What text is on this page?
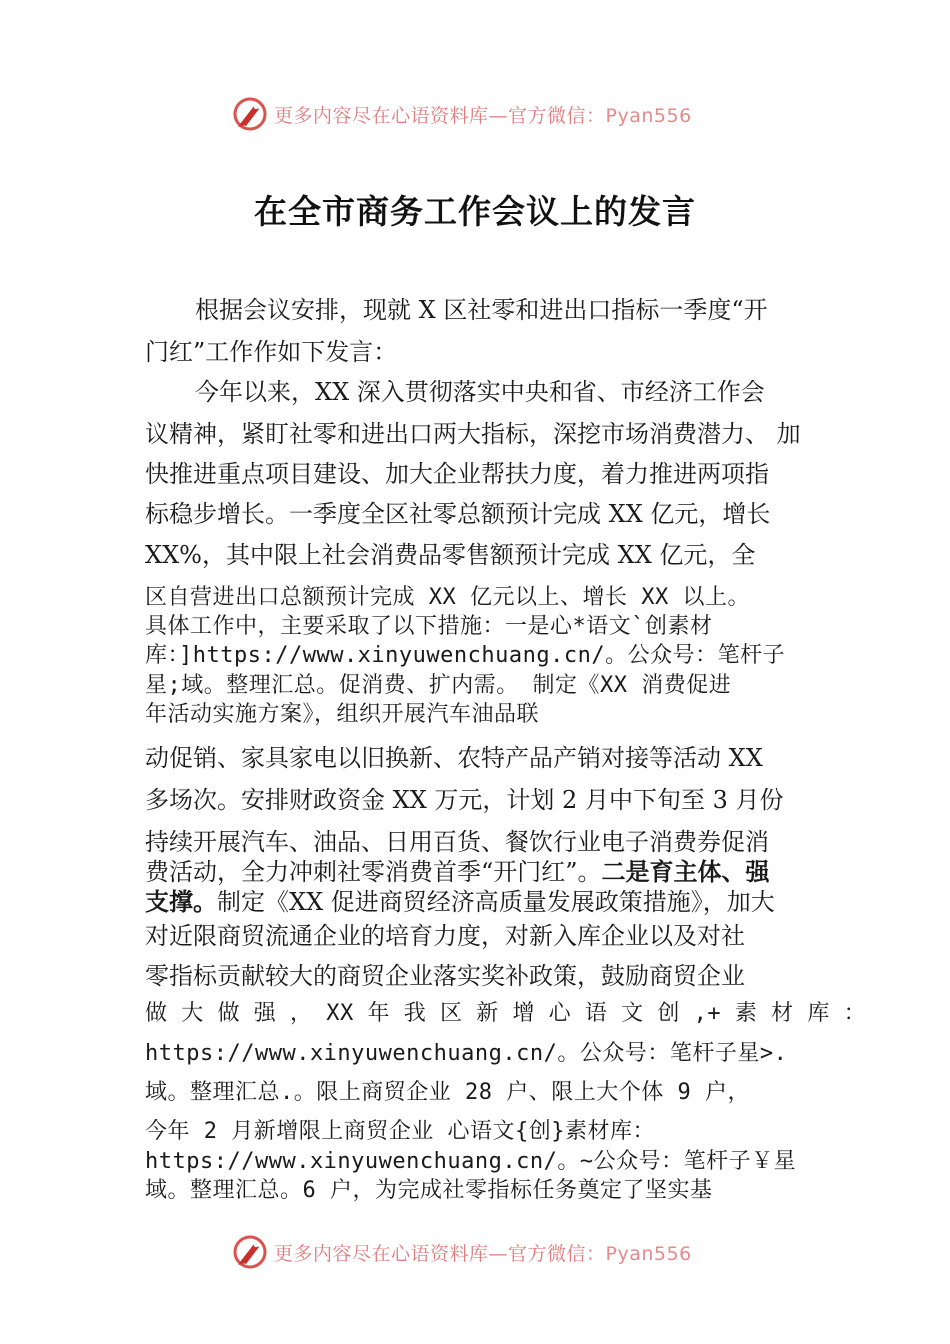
更多内容尽在心语资料库—官方微信：Pyan556
在全市商务工作会议上的发言
根据会议安排，现就 X 区社零和进出口指标一季度“开
门红”工作作如下发言：
今年以来，XX 深入贯彻落实中央和省、市经济工作会
议精神，紧盯社零和进出口两大指标，深挖市场消费潜力、 加
快推进重点项目建设、加大企业帮扶力度，着力推进两项指
标稳步增长。一季度全区社零总额预计完成 XX 亿元，增长
XX%，其中限上社会消费品零售额预计完成 XX 亿元，全
区自营进出口总额预计完成 XX 亿元以上、增长 XX 以上。
具体工作中，主要采取了以下措施：一是心*语文`创素材
库：]https://www.xinyuwenchuang.cn/。公众号：笔杆子
星;域。整理汇总。促消费、扩内需。 制定《XX 消费促进
年活动实施方案》，组织开展汽车油品联
动促销、家具家电以旧换新、农特产品产销对接等活动 XX
多场次。安排财政资金 XX 万元，计划 2 月中下旬至 3 月份
持续开展汽车、油品、日用百货、餐饮行业电子消费券促消
费活动，全力冲刺社零消费首季“开门红”。二是育主体、强
支撑。制定《XX 促进商贸经济高质量发展政策措施》，加大
对近限商贸流通企业的培育力度，对新入库企业以及对社
零指标贡献较大的商贸企业落实奖补政策，鼓励商贸企业
做 大 做 强 ， XX 年 我 区 新 增 心 语 文 创 ,+ 素 材 库 ：
https://www.xinyuwenchuang.cn/。公众号：笔杆子星>.
域。整理汇总.。限上商贸企业 28 户、限上大个体 9 户，
今年 2 月新增限上商贸企业 心语文{创}素材库：
https://www.xinyuwenchuang.cn/。~公众号：笔杆子￥星
域。整理汇总。6 户，为完成社零指标任务奠定了坚实基
更多内容尽在心语资料库—官方微信：Pyan556
